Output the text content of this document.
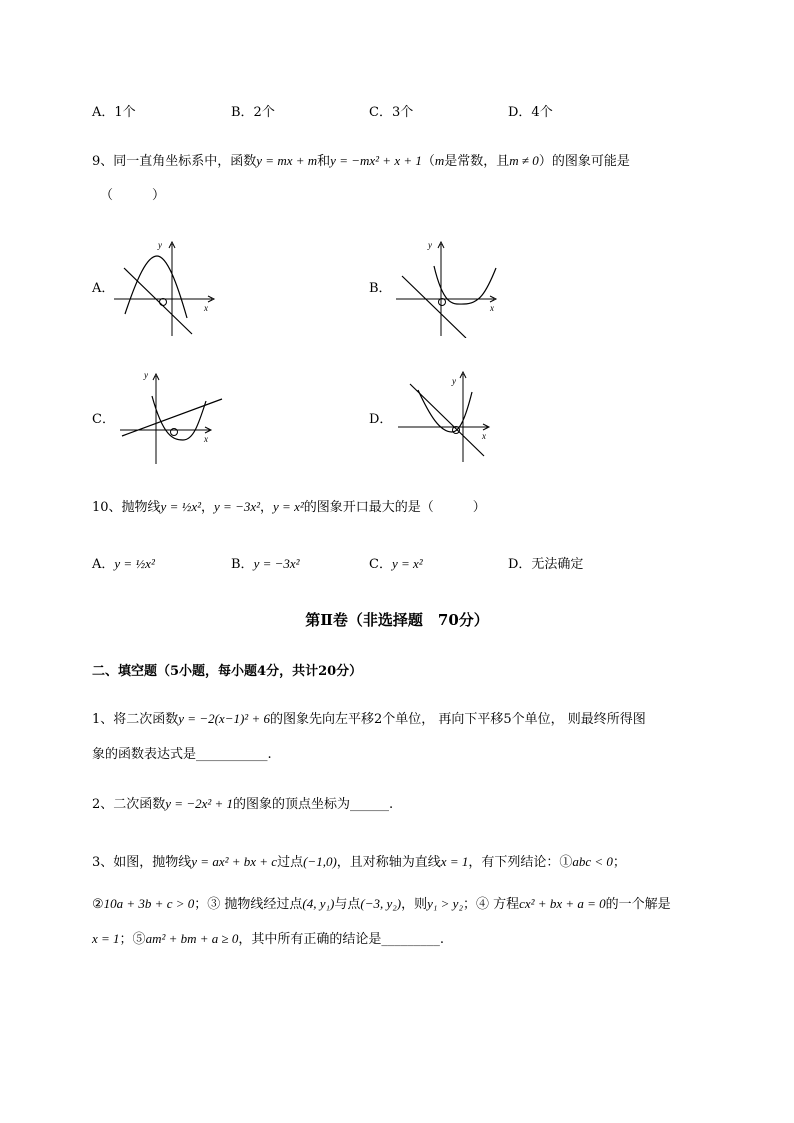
A．1个	B．2个	C．3个	D．4个
9、同一直角坐标系中，函数y = mx + m和y = −mx² + x + 1（m是常数，且m ≠ 0）的图象可能是
（　　　）
A．	B．
C．	D．
x
y
x
y
x
y
x
y
10、抛物线y = ½x²，y = −3x²，y = x²的图象开口最大的是（　　　）
A．y = ½x²	B．y = −3x²	C．y = x²	D．无法确定
第Ⅱ卷（非选择题　70分）
二、填空题（5小题，每小题4分，共计20分）
1、将二次函数y = −2(x−1)² + 6的图象先向左平移2个单位， 再向下平移5个单位， 则最终所得图
象的函数表达式是___________.
2、二次函数y = −2x² + 1的图象的顶点坐标为______.
3、如图，抛物线y = ax² + bx + c过点(−1,0)，且对称轴为直线x = 1，有下列结论：①abc < 0；
②10a + 3b + c > 0；③ 抛物线经过点(4, y₁)与点(−3, y₂)，则y₁ > y₂；④ 方程cx² + bx + a = 0的一个解是
x = 1；⑤am² + bm + a ≥ 0，其中所有正确的结论是_________.
